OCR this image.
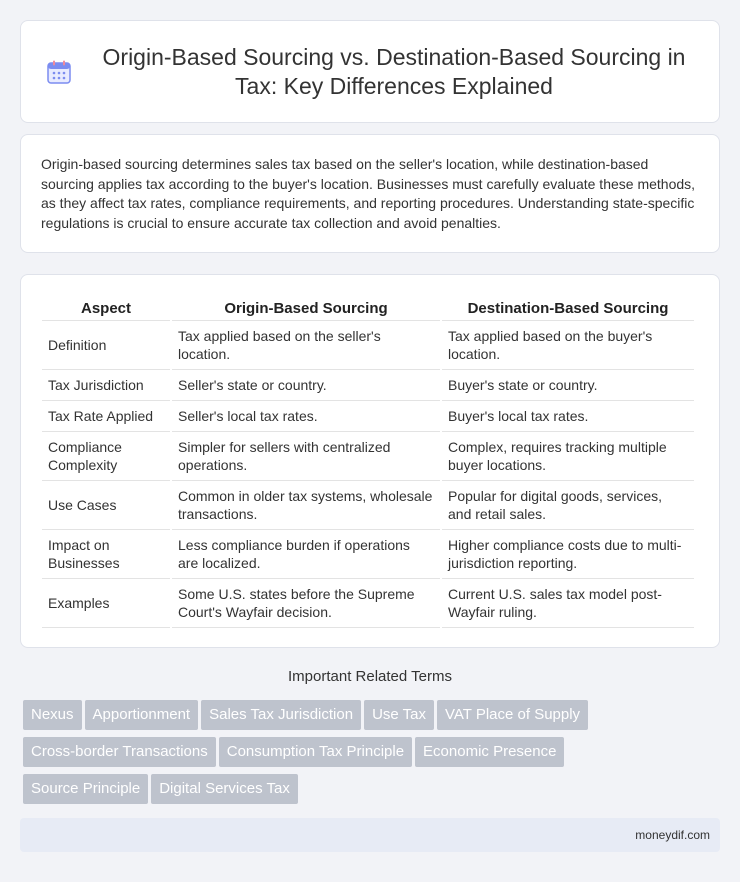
Origin-Based Sourcing vs. Destination-Based Sourcing in Tax: Key Differences Explained

Origin-based sourcing determines sales tax based on the seller's location, while destination-based sourcing applies tax according to the buyer's location. Businesses must carefully evaluate these methods, as they affect tax rates, compliance requirements, and reporting procedures. Understanding state-specific regulations is crucial to ensure accurate tax collection and avoid penalties.

Aspect	Origin-Based Sourcing	Destination-Based Sourcing
Definition	Tax applied based on the seller's location.	Tax applied based on the buyer's location.
Tax Jurisdiction	Seller's state or country.	Buyer's state or country.
Tax Rate Applied	Seller's local tax rates.	Buyer's local tax rates.
Compliance Complexity	Simpler for sellers with centralized operations.	Complex, requires tracking multiple buyer locations.
Use Cases	Common in older tax systems, wholesale transactions.	Popular for digital goods, services, and retail sales.
Impact on Businesses	Less compliance burden if operations are localized.	Higher compliance costs due to multi-jurisdiction reporting.
Examples	Some U.S. states before the Supreme Court's Wayfair decision.	Current U.S. sales tax model post-Wayfair ruling.
Important Related Terms
Nexus Apportionment Sales Tax Jurisdiction Use Tax VAT Place of Supply
Cross-border Transactions Consumption Tax Principle Economic Presence
Source Principle Digital Services Tax
moneydif.com
